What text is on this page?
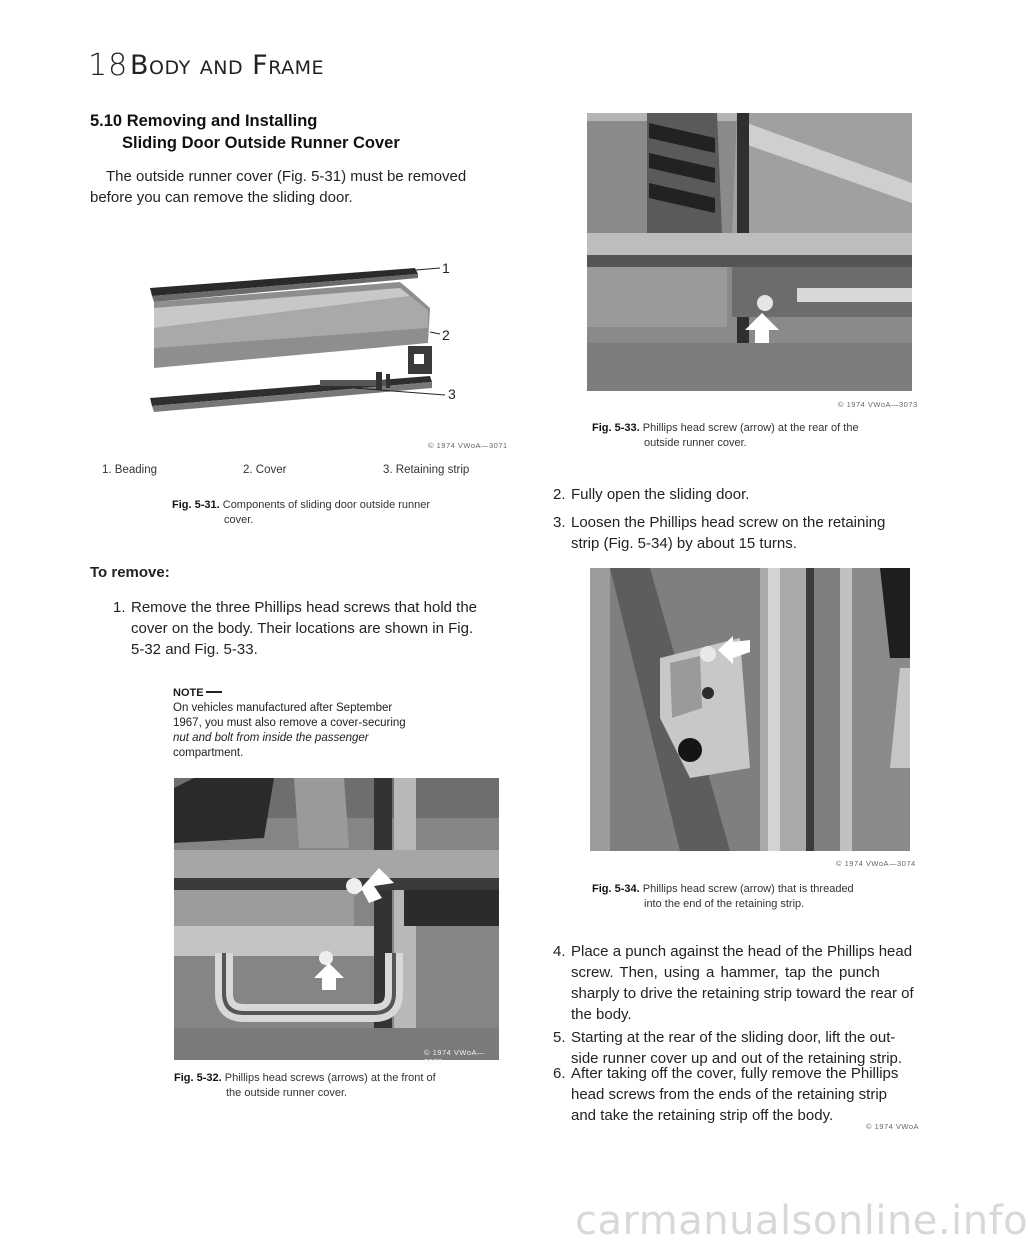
18 Body and Frame
5.10 Removing and Installing
Sliding Door Outside Runner Cover
The outside runner cover (Fig. 5-31) must be removed
before you can remove the sliding door.
1
2
3
© 1974 VWoA—3071
1. Beading	2. Cover	3. Retaining strip
Fig. 5-31. Components of sliding door outside runner
cover.
To remove:
1. Remove the three Phillips head screws that hold the
cover on the body. Their locations are shown in Fig.
5-32 and Fig. 5-33.
NOTE
On vehicles manufactured after September
1967, you must also remove a cover-securing
nut and bolt from inside the passenger
compartment.
© 1974 VWoA—3072
Fig. 5-32. Phillips head screws (arrows) at the front of
the outside runner cover.
© 1974 VWoA—3073
Fig. 5-33. Phillips head screw (arrow) at the rear of the
outside runner cover.
2. Fully open the sliding door.
3. Loosen the Phillips head screw on the retaining
strip (Fig. 5-34) by about 15 turns.
© 1974 VWoA—3074
Fig. 5-34. Phillips head screw (arrow) that is threaded
into the end of the retaining strip.
4. Place a punch against the head of the Phillips head
screw. Then, using a hammer, tap the punch
sharply to drive the retaining strip toward the rear of
the body.
5. Starting at the rear of the sliding door, lift the out-
side runner cover up and out of the retaining strip.
6. After taking off the cover, fully remove the Phillips
head screws from the ends of the retaining strip
and take the retaining strip off the body.
© 1974 VWoA
carmanualsonline.info
